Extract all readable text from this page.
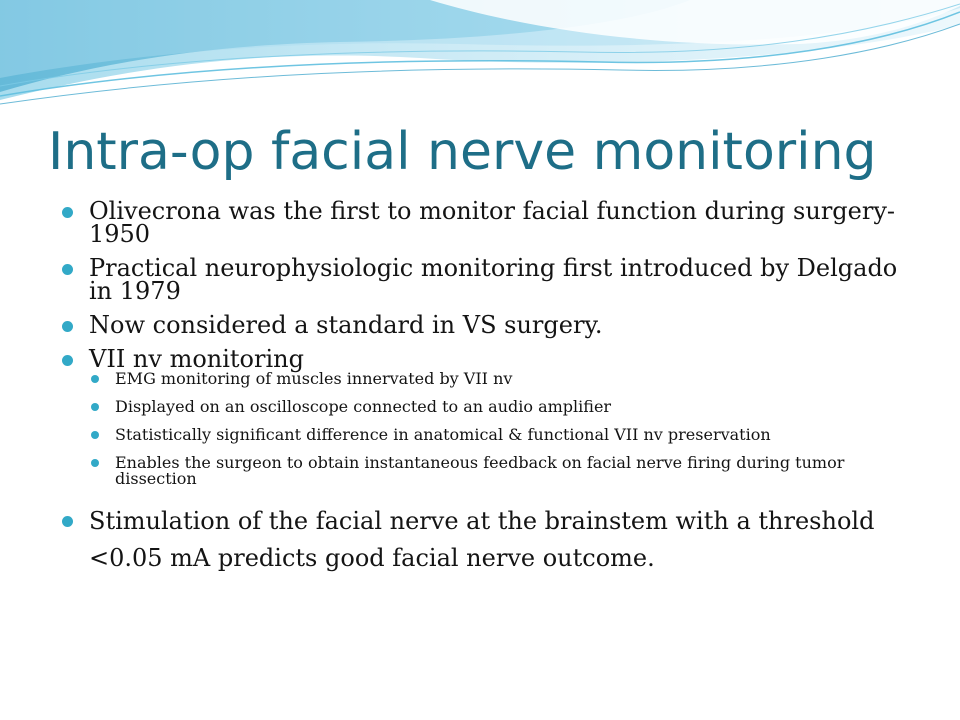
Intra-op facial nerve monitoring
Olivecrona was the first to monitor facial function during surgery-1950
Practical neurophysiologic monitoring first introduced by Delgado in 1979
Now considered a standard in VS surgery.
VII nv monitoring
EMG monitoring of muscles innervated by VII nv
Displayed on an oscilloscope connected to an audio amplifier
Statistically significant difference in anatomical & functional VII nv preservation
Enables the surgeon to obtain instantaneous feedback on facial nerve firing during tumor dissection
Stimulation of the facial nerve at the brainstem with a threshold <0.05 mA predicts good facial nerve outcome.
